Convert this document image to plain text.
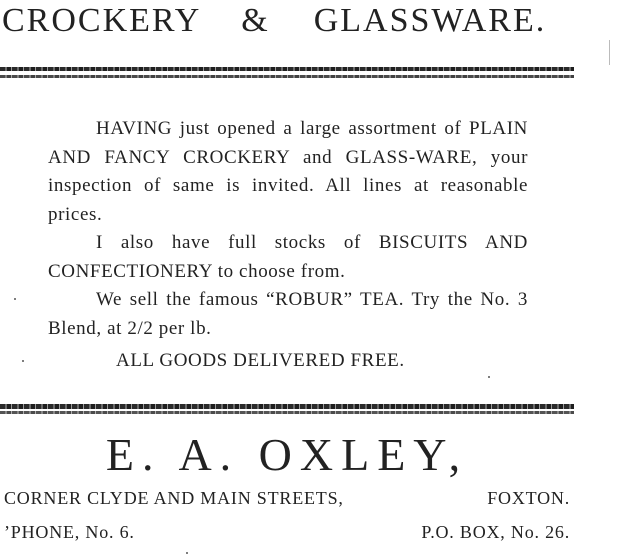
CROCKERY & GLASSWARE.

HAVING just opened a large assortment of PLAIN AND FANCY CROCKERY and GLASS-WARE, your inspection of same is invited. All lines at reasonable prices.

I also have full stocks of BISCUITS AND CONFECTIONERY to choose from.

We sell the famous “ROBUR” TEA. Try the No. 3 Blend, at 2/2 per lb.

ALL GOODS DELIVERED FREE.

E. A. OXLEY,
CORNER CLYDE AND MAIN STREETS,	FOXTON.
’PHONE, No. 6.	P.O. BOX, No. 26.
